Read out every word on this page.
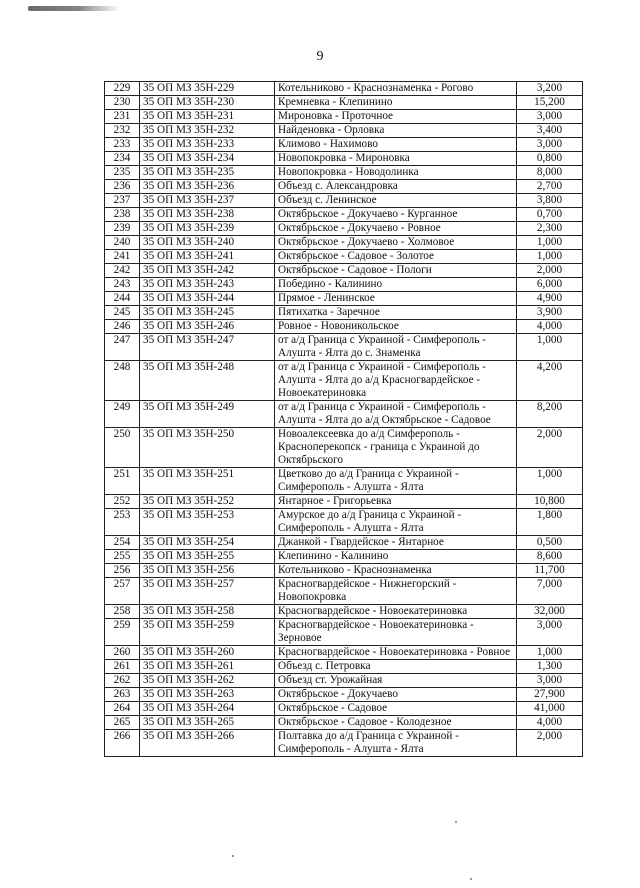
9
229	35 ОП МЗ 35Н-229	Котельниково - Краснознаменка - Рогово	3,200
230	35 ОП МЗ 35Н-230	Кремневка - Клепинино	15,200
231	35 ОП МЗ 35Н-231	Мироновка - Проточное	3,000
232	35 ОП МЗ 35Н-232	Найденовка - Орловка	3,400
233	35 ОП МЗ 35Н-233	Климово - Нахимово	3,000
234	35 ОП МЗ 35Н-234	Новопокровка - Мироновка	0,800
235	35 ОП МЗ 35Н-235	Новопокровка - Новодолинка	8,000
236	35 ОП МЗ 35Н-236	Объезд с. Александровка	2,700
237	35 ОП МЗ 35Н-237	Объезд с. Ленинское	3,800
238	35 ОП МЗ 35Н-238	Октябрьское - Докучаево - Курганное	0,700
239	35 ОП МЗ 35Н-239	Октябрьское - Докучаево - Ровное	2,300
240	35 ОП МЗ 35Н-240	Октябрьское - Докучаево - Холмовое	1,000
241	35 ОП МЗ 35Н-241	Октябрьское - Садовое - Золотое	1,000
242	35 ОП МЗ 35Н-242	Октябрьское - Садовое - Пологи	2,000
243	35 ОП МЗ 35Н-243	Победино - Калинино	6,000
244	35 ОП МЗ 35Н-244	Прямое - Ленинское	4,900
245	35 ОП МЗ 35Н-245	Пятихатка - Заречное	3,900
246	35 ОП МЗ 35Н-246	Ровное - Новоникольское	4,000
247	35 ОП МЗ 35Н-247	от а/д Граница с Украиной - Симферополь - Алушта - Ялта до с. Знаменка	1,000
248	35 ОП МЗ 35Н-248	от а/д Граница с Украиной - Симферополь - Алушта - Ялта до а/д Красногвардейское - Новоекатериновка	4,200
249	35 ОП МЗ 35Н-249	от а/д Граница с Украиной - Симферополь - Алушта - Ялта до а/д Октябрьское - Садовое	8,200
250	35 ОП МЗ 35Н-250	Новоалексеевка до а/д Симферополь - Красноперекопск - граница с Украиной до Октябрьского	2,000
251	35 ОП МЗ 35Н-251	Цветково до а/д Граница с Украиной - Симферополь - Алушта - Ялта	1,000
252	35 ОП МЗ 35Н-252	Янтарное - Григорьевка	10,800
253	35 ОП МЗ 35Н-253	Амурское до а/д Граница с Украиной - Симферополь - Алушта - Ялта	1,800
254	35 ОП МЗ 35Н-254	Джанкой - Гвардейское - Янтарное	0,500
255	35 ОП МЗ 35Н-255	Клепинино - Калинино	8,600
256	35 ОП МЗ 35Н-256	Котельниково - Краснознаменка	11,700
257	35 ОП МЗ 35Н-257	Красногвардейское - Нижнегорский - Новопокровка	7,000
258	35 ОП МЗ 35Н-258	Красногвардейское - Новоекатериновка	32,000
259	35 ОП МЗ 35Н-259	Красногвардейское - Новоекатериновка - Зерновое	3,000
260	35 ОП МЗ 35Н-260	Красногвардейское - Новоекатериновка - Ровное	1,000
261	35 ОП МЗ 35Н-261	Объезд с. Петровка	1,300
262	35 ОП МЗ 35Н-262	Объезд ст. Урожайная	3,000
263	35 ОП МЗ 35Н-263	Октябрьское - Докучаево	27,900
264	35 ОП МЗ 35Н-264	Октябрьское - Садовое	41,000
265	35 ОП МЗ 35Н-265	Октябрьское - Садовое - Колодезное	4,000
266	35 ОП МЗ 35Н-266	Полтавка до а/д Граница с Украиной - Симферополь - Алушта - Ялта	2,000
